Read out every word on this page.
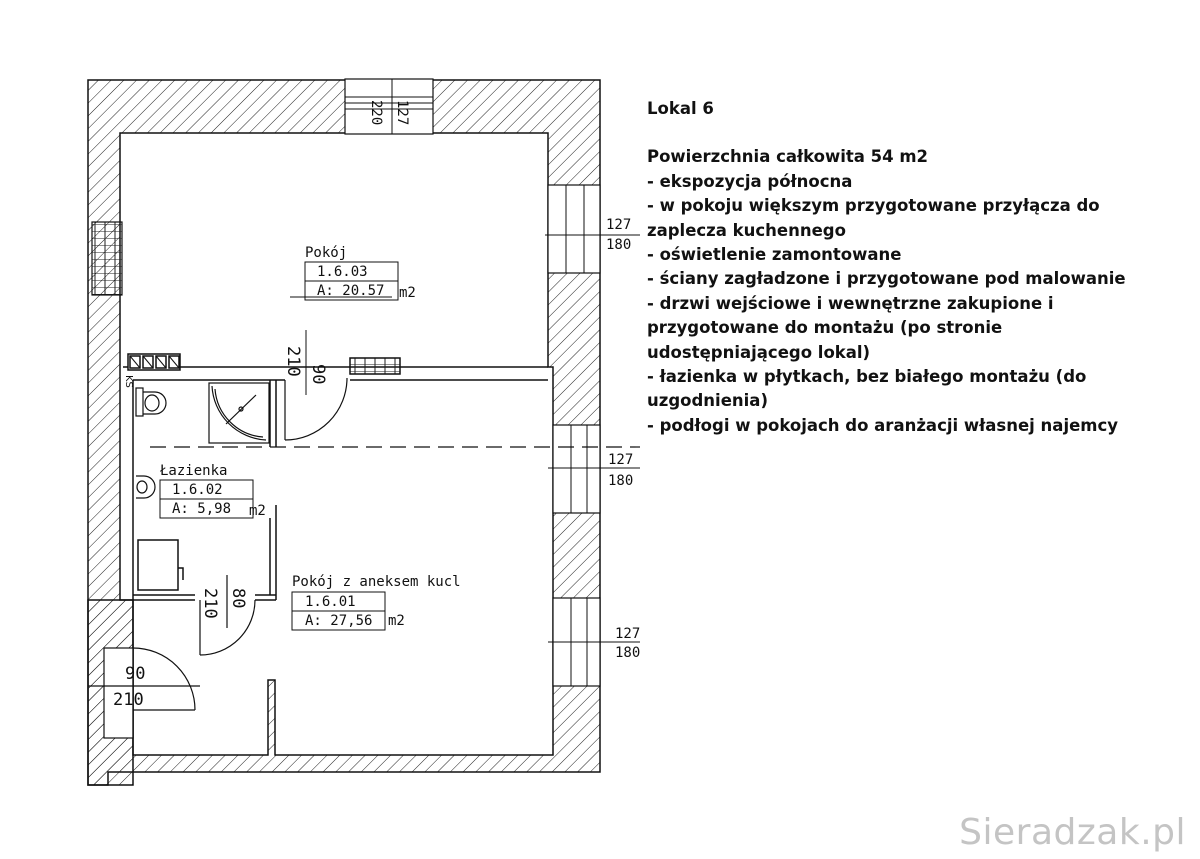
127
220
127
180
127
180
127
180
KS	90
210
80
210
90
210
Pokój
1.6.03
A: 20.57 m2
Łazienka
1.6.02
A: 5,98 m2
Pokój z aneksem kucl
1.6.01
A: 27,56 m2
Lokal 6
Powierzchnia całkowita 54 m2
- ekspozycja północna
- w pokoju większym przygotowane przyłącza do
zaplecza kuchennego
- oświetlenie zamontowane
- ściany zagładzone i przygotowane pod malowanie
- drzwi wejściowe i wewnętrzne zakupione i
przygotowane do montażu (po stronie
udostępniającego lokal)
- łazienka w płytkach, bez białego montażu (do
uzgodnienia)
- podłogi w pokojach do aranżacji własnej najemcy
Sieradzak.pl
